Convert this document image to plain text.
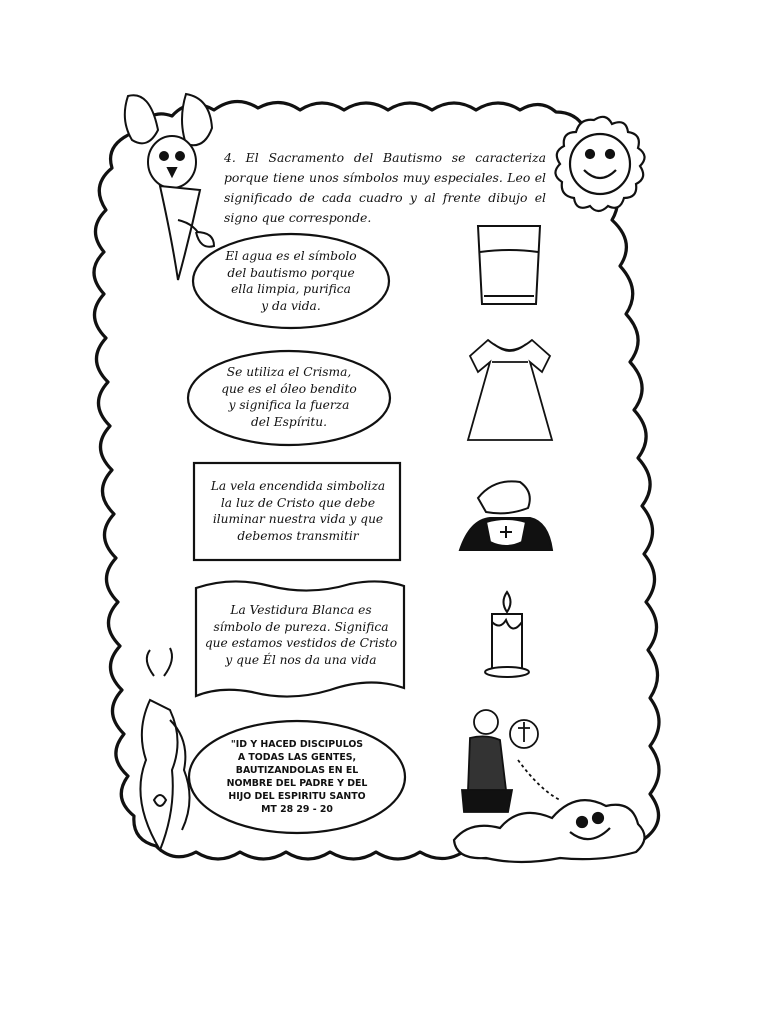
4. El Sacramento del Bautismo se caracteriza porque tiene unos símbolos muy especiales. Leo el significado de cada cuadro y al frente dibujo el signo que corresponde.

El agua es el símbolo
del bautismo porque
ella limpia, purifica
y da vida.
Se utiliza el Crisma,
que es el óleo bendito
y significa la fuerza
del Espíritu.
La vela encendida simboliza
la luz de Cristo que debe
iluminar nuestra vida y que
debemos transmitir
La Vestidura Blanca es
símbolo de pureza. Significa
que estamos vestidos de Cristo
y que Él nos da una vida
"ID Y HACED DISCIPULOS
A TODAS LAS GENTES,
BAUTIZANDOLAS EN EL
NOMBRE DEL PADRE Y DEL
HIJO DEL ESPIRITU SANTO
MT 28 29 - 20
